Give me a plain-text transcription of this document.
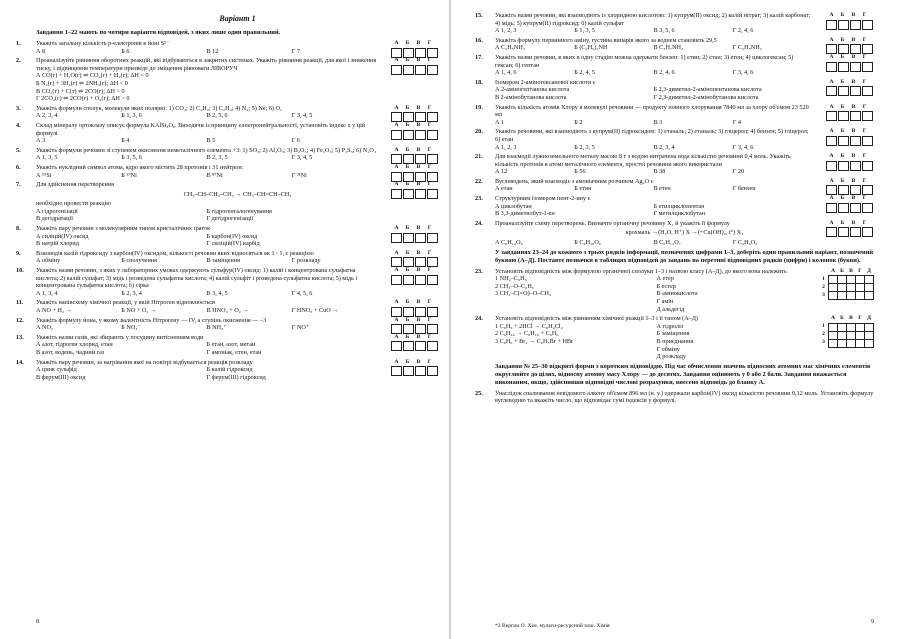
Варіант 1
Завдання 1–22 мають по чотири варіанти відповідей, з яких лише один правильний.
1. Укажіть загальну кількість р-електронів в йоні S²⁻
А 8	Б 6	В 12	Г 7
А	Б	В	Г
2. Проаналізуйте рівняння оборотних реакцій, які відбуваються в закритих системах. Укажіть рівняння реакції, для якої і зниження тиску, і підвищення температури призведе до зміщення рівноваги ЛІВОРУЧ
А CO(г) + H₂O(г) ⇌ CO₂(г) + H₂(г); ΔH < 0
Б N₂(г) + 3H₂(г) ⇌ 2NH₃(г); ΔH < 0
В CO₂(г) + C(т) ⇌ 2CO(г); ΔH > 0
Г 2CO₂(г) ⇌ 2CO(г) + O₂(г); ΔH > 0
А	Б	В	Г
3. Укажіть формули сполук, молекули яких полярні: 1) CO₂; 2) C₂H₂; 3) C₂H₄; 4) N₂; 5) Ne; 6) O₂
А 2, 3, 4	Б 1, 3, 6	В 2, 5, 6	Г 3, 4, 5
А	Б	В	Г
4. Склад мінералу ортоклазу описує формула KAlSi₃O₈. Виходячи із принципу електронейтральності, установіть індекс x у цій формулі
А 3	Б 4	В 5	Г 6
А	Б	В	Г
5. Укажіть формули речовин зі ступенем окиснення неметалічного елемента +3: 1) SO₃; 2) Al₂O₃; 3) B₂O₃; 4) Fe₂O₃; 5) P₂S₃; 6) N₂O₃
А 1, 3, 5	Б 3, 5, 6	В 2, 3, 5	Г 3, 4, 5
А	Б	В	Г
6. Укажіть нуклідний символ атома, ядро якого містить 28 протонів і 31 нейтрон:
А ⁵⁹Si	Б ⁵⁹Ni	В ⁸⁷Ni	Г ³¹Ni
А	Б	В	Г
7. Для здійснення перетворення
CH₃–CH–CH₂–CH₃ → CH₃–CH=CH–CH₃
необхідно провести реакцію
А гідрогенізації	Б гідрогенгалогенування
В дегідратації	Г дегідрогенізації
А	Б	В	Г
8. Укажіть пару речовин з молекулярним типом кристалічних ґраток
А силіцій(IV) оксид	Б карбон(IV) оксид
В натрій хлорид	Г силіцій(IV) карбід
А	Б	В	Г
9. Взаємодія калій гідроксиду з карбон(IV) оксидом, кількості речовин яких відносяться як 1 : 1, є реакцією
А обміну	Б сполучення	В заміщення	Г розкладу
А	Б	В	Г
10. Укажіть назви речовин, з яких у лабораторних умовах одержують сульфур(IV) оксид: 1) калій і концентрована сульфатна кислота; 2) калій сульфат; 3) мідь і розведена сульфатна кислота; 4) калій сульфіт і розведена сульфатна кислота; 5) мідь і концентрована сульфатна кислота; 6) сірка
А 1, 3, 4	Б 2, 3, 4	В 3, 4, 5	Г 4, 5, 6
А	Б	В	Г
11. Укажіть напівсхему хімічної реакції, у якій Нітроген відновлюється
А NO + H₂ →	Б NO + O₂ →	В HNO₃ + O₂ →	Г HNO₃ + CuO →
А	Б	В	Г
12. Укажіть формулу йона, у якому валентність Нітрогену — IV, а ступінь окиснення — –3
А NO₂	Б NO₃⁻	В NH₄⁺	Г NO⁺
А	Б	В	Г
13. Укажіть назви газів, які збирають у посудину витісненням води
А азот, гідроген хлорид, етан	Б етан, азот, метан
В азот, водень, чадний газ	Г амоніак, етен, етан
А	Б	В	Г
14. Укажіть пару речовин, за нагрівання якої на повітрі відбувається реакція розкладу
А цинк сульфід	Б калій гідроксид
В ферум(III) оксид	Г ферум(III) гідроксид
А	Б	В	Г
8
15. Укажіть назви речовин, які взаємодіють із хлоридною кислотою: 1) купрум(II) оксид; 2) калій нітрат; 3) калій карбонат; 4) мідь; 5) купрум(II) гідроксид; 6) калій сульфат
А 1, 2, 3	Б 1, 3, 5	В 3, 5, 6	Г 2, 4, 6
А	Б	В	Г
16. Укажіть формулу первинного аміну, густина випарів якого за воднем становить 29,5
А C₂H₅NH₂	Б (C₂H₅)₂NH	В C₃H₇NH₂	Г C₂H₅NH₂
А	Б	В	Г
17. Укажіть назви речовин, в яких в одну стадію можна одержати бензен: 1) етин; 2) етан; 3) етен; 4) циклогексан; 5) гексан; 6) гептан
А 1, 4, 6	Б 2, 4, 5	В 2, 4, 6	Г 3, 4, 6
А	Б	В	Г
18. Ізомером 2-аміногексанової кислоти є
А 2-аміногептанова кислота	Б 2,3-диметил-2-амінопентанова кислота
В 2-амінобутанова кислота	Г 2,3-диметил-2-амінобутанова кислота
А	Б	В	Г
19. Укажіть кількість атомів Хлору в молекулі речовини — продукту повного хлорування 7840 мл за хлору об'ємом 23 520 мл
А 1	Б 2	В 3	Г 4
А	Б	В	Г
20. Укажіть речовини, які взаємодіють з купрум(II) гідроксидом: 1) етаналь; 2) етаналь; 3) гліцерол; 4) бензен; 5) гліцерол; 6) етан
А 1, 2, 3	Б 2, 3, 5	В 2, 3, 4	Г 3, 4, 6
А	Б	В	Г
21. Для взаємодії лужноземельного металу масою 8 г з водою витрачена вода кількістю речовини 0,4 моль. Укажіть кількість протонів в атомі металічного елемента, простої речовини якого використали
А 12	Б 56	В 38	Г 20
А	Б	В	Г
22. Вуглеводень, який взаємодіє з амоніачним розчином Ag₂O є
А етан	Б етин	В етен	Г бензен
А	Б	В	Г
23. Структурним ізомером пент-2-ину є
А циклобутан	Б етилциклопентан
В 3,3-диметилбут-1-ен	Г метилциклобутан
А	Б	В	Г
24. Проаналізуйте схему перетворень. Визначте органічну речовину X₁ й укажіть її формулу
крохмаль →(H₂O, H⁺) X →(+Cu(OH)₂, t°) X₁
А C₆H₁₂O₆	Б C₆H₁₀O₆	В C₆H₁₂O₇	Г C₆H₆O₅
А	Б	В	Г
У завданнях 23–24 до кожного з трьох рядків інформації, позначених цифрами 1–3, доберіть один правильний варіант, позначений буквою (А–Д). Поставте позначки в таблицях відповідей до завдань на перетині відповідних рядків (цифри) і колонок (букви).
23. Установіть відповідність між формулою органічної сполуки 1–3 і назвою класу (А–Д), до якого вона належить
1 NH₂–C₆H₅
2 CH₃–O–C₆H₅
3 CH₃–C(=O)–O–CH₃
А етер
Б естер
В амінокислота
Г амін
Д альдегід
	А	Б	В	Г	Д
1					
2					
3					
24. Установіть відповідність між рівнянням хімічної реакції 1–3 і її типом (А–Д)
1 C₆H₆ + 2HCl → C₆H₄Cl₂
2 C₆H₁₄ → C₆H₁₆ + C₆H₆
3 C₆H₆ + Br₂ → C₆H₅Br + HBr
А гідроліз
Б заміщення
В приєднання
Г обміну
Д розкладу
	А	Б	В	Г	Д
1					
2					
3					
Завдання № 25–30 відкриті форми з коротким відповіддю. Під час обчислення значень відносних атомних мас хімічних елементів округлюйте до цілих, відносну атомну масу Хлору — до десятих. Завдання оцінюють у 0 або 2 бали. Завдання вважається виконаним, якщо, здійснивши відповідні числові розрахунки, внесено відповідь до бланку А.
25. Унаслідок спалювання невідомого алкену об'ємом 896 мл (н. у.) одержали карбон(IV) оксид кількістю речовини 0,12 моль. Установіть формулу вуглеводню та вкажіть число, що відповідає сумі індексів у формулі.
9
*2 Вергин О. Хім. мульти-ресурсний зош. Хімія
